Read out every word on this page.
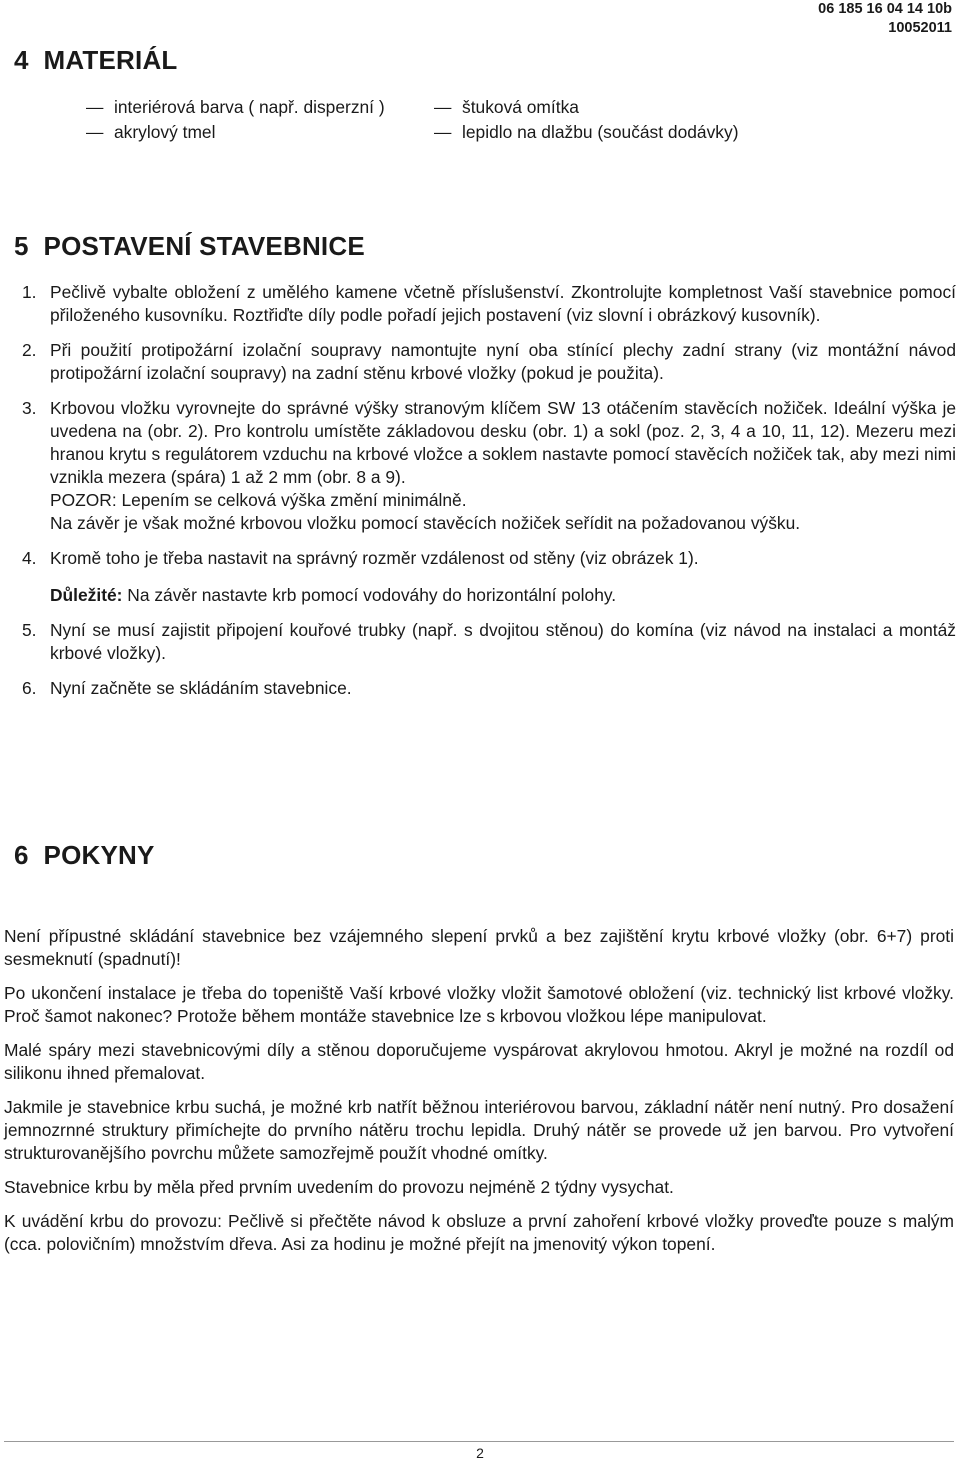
06 185 16 04 14 10b
10052011
4 MATERIÁL
— interiérová barva ( např. disperzní )	— štuková omítka
— akrylový tmel	— lepidlo na dlažbu (součást dodávky)
5 POSTAVENÍ STAVEBNICE
1. Pečlivě vybalte obložení z umělého kamene včetně příslušenství. Zkontrolujte kompletnost Vaší stavebnice pomocí přiloženého kusovníku. Roztřiďte díly podle pořadí jejich postavení (viz slovní i obrázkový kusovník).

2. Při použití protipožární izolační soupravy namontujte nyní oba stínící plechy zadní strany (viz montážní návod protipožární izolační soupravy) na zadní stěnu krbové vložky (pokud je použita).

3. Krbovou vložku vyrovnejte do správné výšky stranovým klíčem SW 13 otáčením stavěcích nožiček. Ideální výška je uvedena na (obr. 2). Pro kontrolu umístěte základovou desku (obr. 1) a sokl (poz. 2, 3, 4 a 10, 11, 12). Mezeru mezi hranou krytu s regulátorem vzduchu na krbové vložce a soklem nastavte pomocí stavěcích nožiček tak, aby mezi nimi vznikla mezera (spára) 1 až 2 mm (obr. 8 a 9).

POZOR: Lepením se celková výška změní minimálně.

Na závěr je však možné krbovou vložku pomocí stavěcích nožiček seřídit na požadovanou výšku.

4. Kromě toho je třeba nastavit na správný rozměr vzdálenost od stěny (viz obrázek 1).

Důležité: Na závěr nastavte krb pomocí vodováhy do horizontální polohy.

5. Nyní se musí zajistit připojení kouřové trubky (např. s dvojitou stěnou) do komína (viz návod na instalaci a montáž krbové vložky).

6. Nyní začněte se skládáním stavebnice.

6 POKYNY

Není přípustné skládání stavebnice bez vzájemného slepení prvků a bez zajištění krytu krbové vložky (obr. 6+7) proti sesmeknutí (spadnutí)!

Po ukončení instalace je třeba do topeniště Vaší krbové vložky vložit šamotové obložení (viz. technický list krbové vložky. Proč šamot nakonec? Protože během montáže stavebnice lze s krbovou vložkou lépe manipulovat.

Malé spáry mezi stavebnicovými díly a stěnou doporučujeme vyspárovat akrylovou hmotou. Akryl je možné na rozdíl od silikonu ihned přemalovat.

Jakmile je stavebnice krbu suchá, je možné krb natřít běžnou interiérovou barvou, základní nátěr není nutný. Pro dosažení jemnozrnné struktury přimíchejte do prvního nátěru trochu lepidla. Druhý nátěr se provede už jen barvou. Pro vytvoření strukturovanějšího povrchu můžete samozřejmě použít vhodné omítky.

Stavebnice krbu by měla před prvním uvedením do provozu nejméně 2 týdny vysychat.

K uvádění krbu do provozu: Pečlivě si přečtěte návod k obsluze a první zahoření krbové vložky proveďte pouze s malým (cca. polovičním) množstvím dřeva. Asi za hodinu je možné přejít na jmenovitý výkon topení.

2
